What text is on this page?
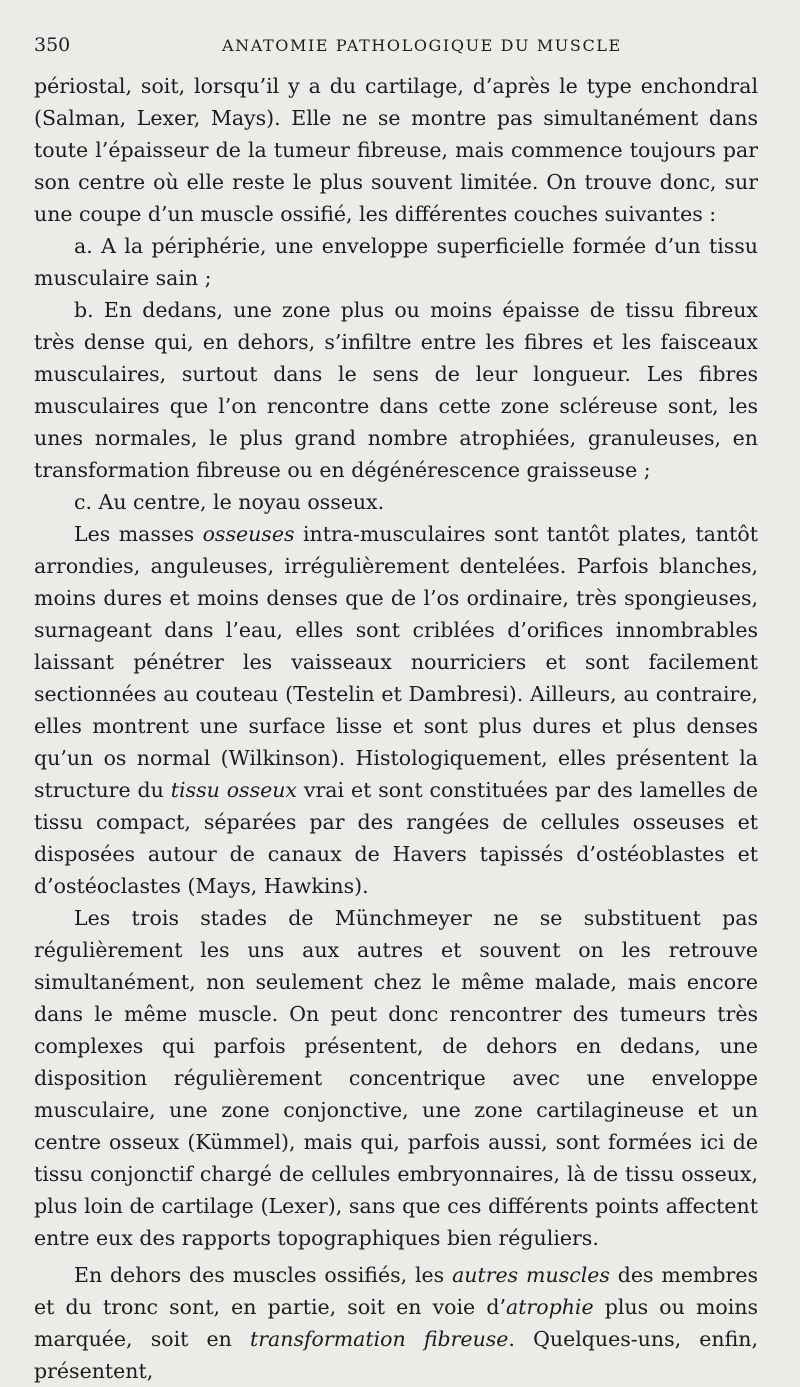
350	ANATOMIE PATHOLOGIQUE DU MUSCLE

périostal, soit, lorsqu’il y a du cartilage, d’après le type enchondral (Salman, Lexer, Mays). Elle ne se montre pas simultanément dans toute l’épaisseur de la tumeur fibreuse, mais commence toujours par son centre où elle reste le plus souvent limitée. On trouve donc, sur une coupe d’un muscle ossifié, les différentes couches suivantes :

a. A la périphérie, une enveloppe superficielle formée d’un tissu musculaire sain ;

b. En dedans, une zone plus ou moins épaisse de tissu fibreux très dense qui, en dehors, s’infiltre entre les fibres et les faisceaux musculaires, surtout dans le sens de leur longueur. Les fibres musculaires que l’on rencontre dans cette zone scléreuse sont, les unes normales, le plus grand nombre atrophiées, granuleuses, en transformation fibreuse ou en dégénérescence graisseuse ;

c. Au centre, le noyau osseux.

Les masses osseuses intra-musculaires sont tantôt plates, tantôt arrondies, anguleuses, irrégulièrement dentelées. Parfois blanches, moins dures et moins denses que de l’os ordinaire, très spongieuses, surnageant dans l’eau, elles sont criblées d’orifices innombrables laissant pénétrer les vaisseaux nourriciers et sont facilement sectionnées au couteau (Testelin et Dambresi). Ailleurs, au contraire, elles montrent une surface lisse et sont plus dures et plus denses qu’un os normal (Wilkinson). Histologiquement, elles présentent la structure du tissu osseux vrai et sont constituées par des lamelles de tissu compact, séparées par des rangées de cellules osseuses et disposées autour de canaux de Havers tapissés d’ostéoblastes et d’ostéoclastes (Mays, Hawkins).

Les trois stades de Münchmeyer ne se substituent pas régulièrement les uns aux autres et souvent on les retrouve simultanément, non seulement chez le même malade, mais encore dans le même muscle. On peut donc rencontrer des tumeurs très complexes qui parfois présentent, de dehors en dedans, une disposition régulièrement concentrique avec une enveloppe musculaire, une zone conjonctive, une zone cartilagineuse et un centre osseux (Kümmel), mais qui, parfois aussi, sont formées ici de tissu conjonctif chargé de cellules embryonnaires, là de tissu osseux, plus loin de cartilage (Lexer), sans que ces différents points affectent entre eux des rapports topographiques bien réguliers.

En dehors des muscles ossifiés, les autres muscles des membres et du tronc sont, en partie, soit en voie d’atrophie plus ou moins marquée, soit en transformation fibreuse. Quelques-uns, enfin, présentent,
